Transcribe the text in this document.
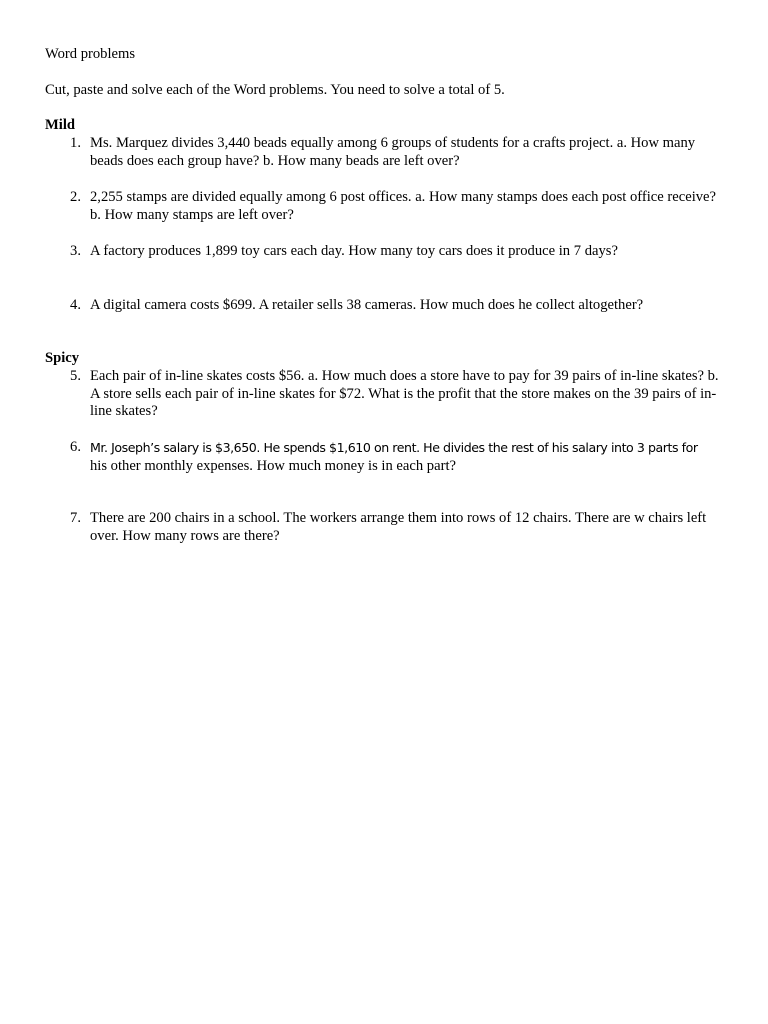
Word problems
Cut, paste and solve each of the Word problems. You need to solve a total of 5.
Mild
1. Ms. Marquez divides 3,440 beads equally among 6 groups of students for a crafts project. a. How many beads does each group have? b. How many beads are left over?
2. 2,255 stamps are divided equally among 6 post offices. a. How many stamps does each post office receive? b. How many stamps are left over?
3. A factory produces 1,899 toy cars each day. How many toy cars does it produce in 7 days?
4. A digital camera costs $699. A retailer sells 38 cameras. How much does he collect altogether?
Spicy
5. Each pair of in-line skates costs $56. a. How much does a store have to pay for 39 pairs of in-line skates? b. A store sells each pair of in-line skates for $72. What is the profit that the store makes on the 39 pairs of in-line skates?
6. Mr. Joseph’s salary is $3,650. He spends $1,610 on rent. He divides the rest of his salary into 3 parts for
his other monthly expenses. How much money is in each part?
7. There are 200 chairs in a school. The workers arrange them into rows of 12 chairs. There are w chairs left over. How many rows are there?
